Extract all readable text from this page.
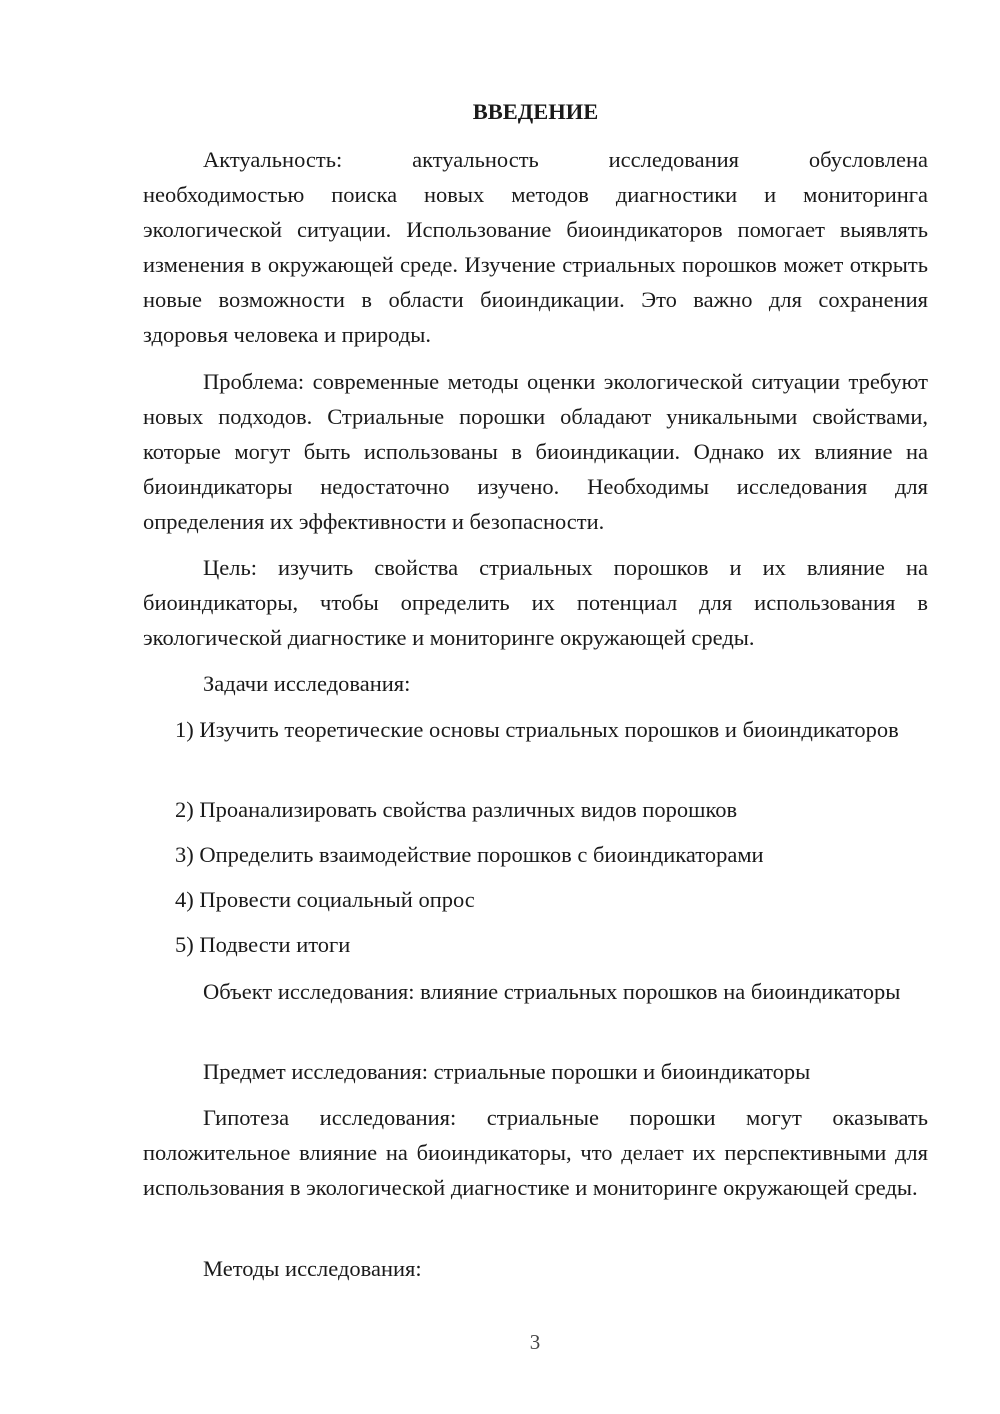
ВВЕДЕНИЕ

Актуальность: актуальность исследования обусловлена
необходимостью поиска новых методов диагностики и мониторинга экологической ситуации. Использование биоиндикаторов помогает выявлять изменения в окружающей среде. Изучение стриальных порошков может открыть новые возможности в области биоиндикации. Это важно для сохранения здоровья человека и природы.

Проблема: современные методы оценки экологической ситуации требуют новых подходов. Стриальные порошки обладают уникальными свойствами, которые могут быть использованы в биоиндикации. Однако их влияние на биоиндикаторы недостаточно изучено. Необходимы исследования для определения их эффективности и безопасности.

Цель: изучить свойства стриальных порошков и их влияние на биоиндикаторы, чтобы определить их потенциал для использования в экологической диагностике и мониторинге окружающей среды.

Задачи исследования:

1) Изучить теоретические основы стриальных порошков и биоиндикаторов

2) Проанализировать свойства различных видов порошков

3) Определить взаимодействие порошков с биоиндикаторами

4) Провести социальный опрос

5) Подвести итоги

Объект исследования: влияние стриальных порошков на биоиндикаторы

Предмет исследования: стриальные порошки и биоиндикаторы

Гипотеза исследования: стриальные порошки могут оказывать положительное влияние на биоиндикаторы, что делает их перспективными для использования в экологической диагностике и мониторинге окружающей среды.

Методы исследования:

3
